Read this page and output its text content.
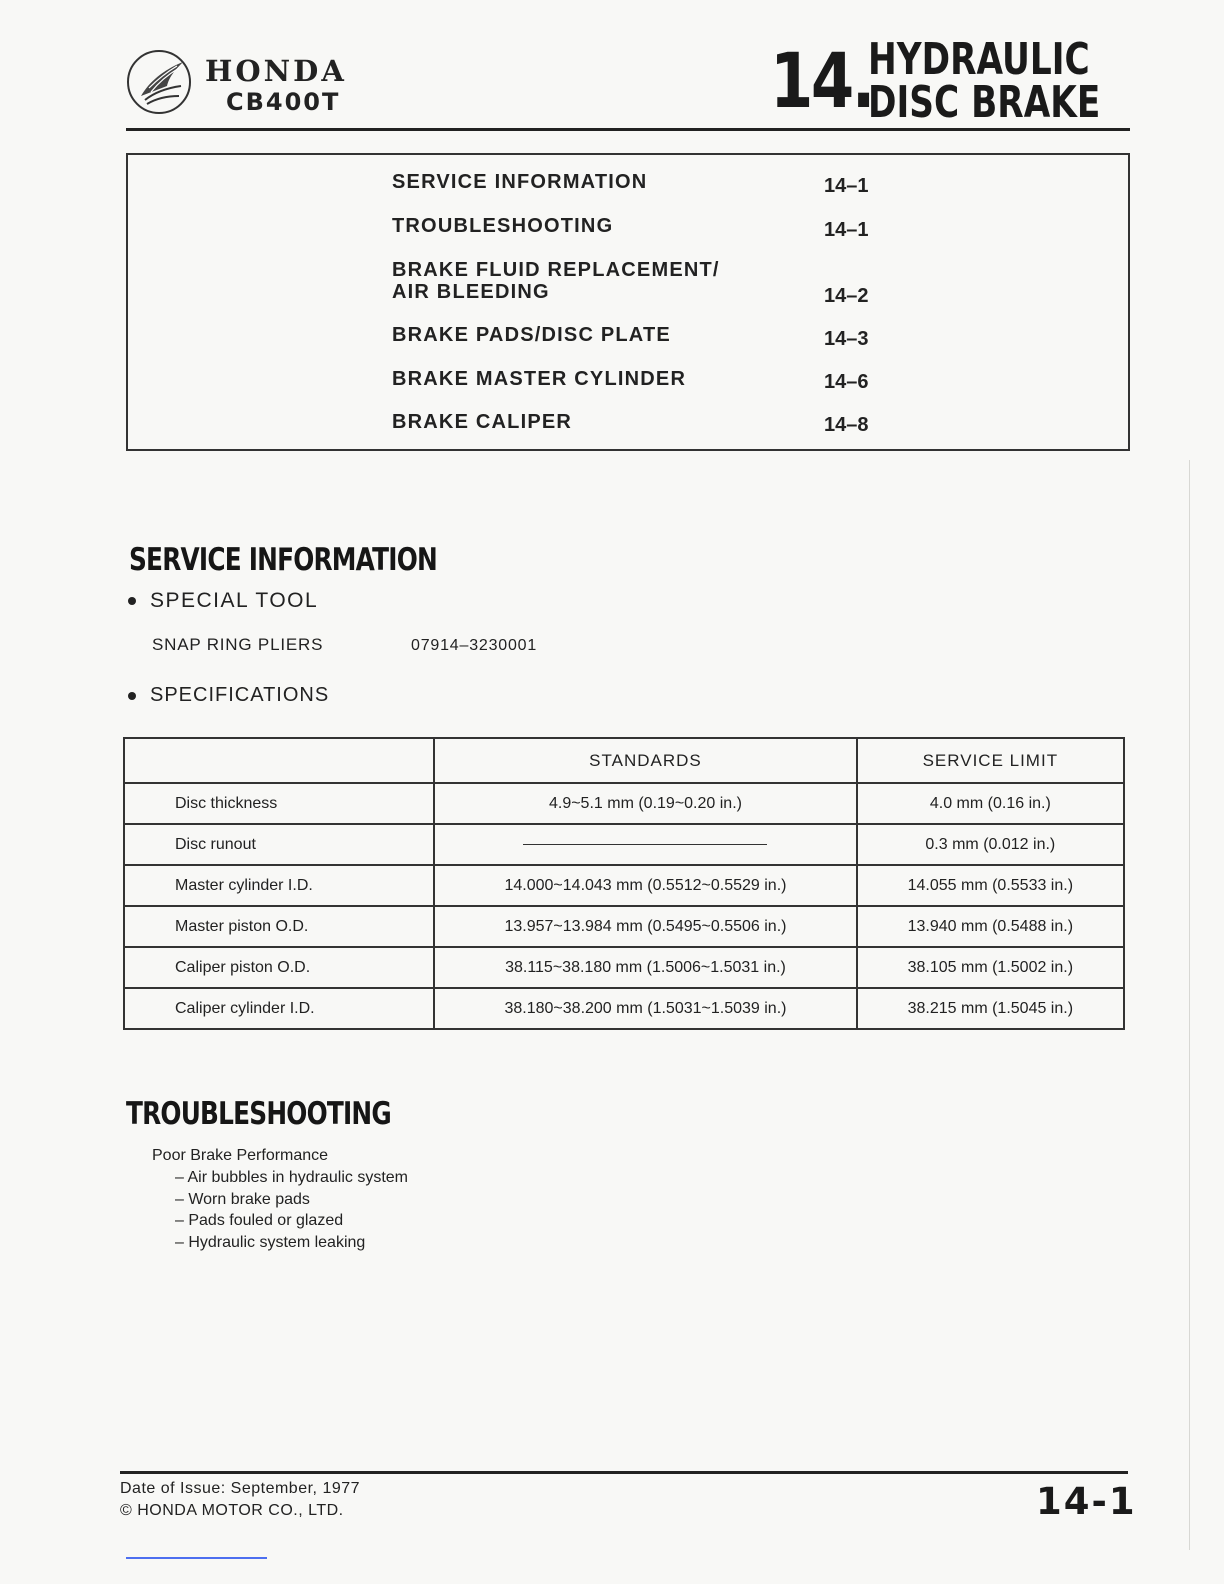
HONDA
CB400T	14.
HYDRAULIC
DISC BRAKE
SERVICE INFORMATION	14–1
TROUBLESHOOTING	14–1
BRAKE FLUID REPLACEMENT/
AIR BLEEDING	14–2
BRAKE PADS/DISC PLATE	14–3
BRAKE MASTER CYLINDER	14–6
BRAKE CALIPER	14–8
SERVICE INFORMATION
SPECIAL TOOL
SNAP RING PLIERS	07914–3230001
SPECIFICATIONS
	STANDARDS	SERVICE LIMIT
Disc thickness	4.9~5.1 mm (0.19~0.20 in.)	4.0 mm (0.16 in.)
Disc runout		0.3 mm (0.012 in.)
Master cylinder I.D.	14.000~14.043 mm (0.5512~0.5529 in.)	14.055 mm (0.5533 in.)
Master piston O.D.	13.957~13.984 mm (0.5495~0.5506 in.)	13.940 mm (0.5488 in.)
Caliper piston O.D.	38.115~38.180 mm (1.5006~1.5031 in.)	38.105 mm (1.5002 in.)
Caliper cylinder I.D.	38.180~38.200 mm (1.5031~1.5039 in.)	38.215 mm (1.5045 in.)
TROUBLESHOOTING
Poor Brake Performance
– Air bubbles in hydraulic system
– Worn brake pads
– Pads fouled or glazed
– Hydraulic system leaking
Date of Issue: September, 1977
© HONDA MOTOR CO., LTD.	14-1
